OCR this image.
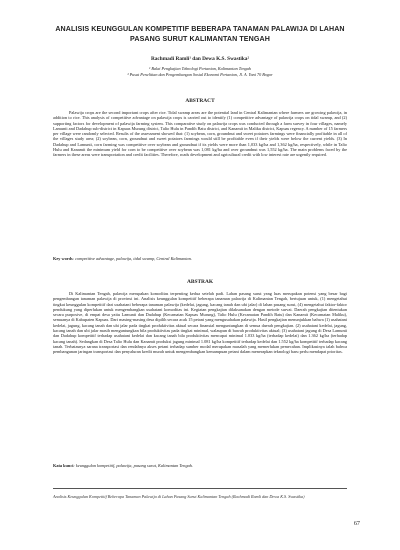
ANALISIS KEUNGGULAN KOMPETITIF BEBERAPA TANAMAN PALAWIJA DI LAHAN PASANG SURUT KALIMANTAN TENGAH
Rachmadi Ramli¹ dan Dewa K.S. Swastika²
¹ Balai Pengkajian Teknologi Pertanian, Kalimantan Tengah
² Pusat Penelitian dan Pengembangan Sosial Ekonomi Pertanian, Jl. A. Yani 70 Bogor
ABSTRACT

Palawija crops are the second important crops after rice. Tidal swamp areas are the potential land in Central Kalimantan where farmers are growing palawija, in addition to rice. This analysis of competitive advantage on palawija crops is carried out to identify (1) competitive advantage of palawija crops on tidal swamp, and (2) supporting factors for development of palawija farming system. This comparative study on palawija crops was conducted through a farm survey in four villages, namely Lamunti and Dadahup sub-district in Kapuas Murung district, Talio Hulu in Pandih Batu district, and Kanamit in Maliku district, Kapuas regency. A number of 15 farmers per village were randomly selected. Results of the assessment showed that: (1) soybean, corn, groundnut and sweet potatoes farmings were financially profitable in all of the villages study area; (2) soybean, corn, groundnut and sweet potatoes farmings would still be profitable even if their yields were below the current yields. (3) In Dadahup and Lamunti, corn farming was competitive over soybean and groundnut if its yields were more than 1,033 kg/ha and 1,362 kg/ha, respectively, while in Talio Hulu and Kanamit the minimum yield for corn to be competitive over soybean was 1,081 kg/ha and over groundnut was 1,552 kg/ha. The main problems faced by the farmers in these areas were transportation and credit facilities. Therefore, roads development and agricultural credit with low interest rate are urgently required.

Key words: competitive advantage, palawija, tidal swamp, Central Kalimantan.
ABSTRAK

Di Kalimantan Tengah, palawija merupakan komoditas terpenting kedua setelah padi. Lahan pasang surut yang luas merupakan potensi yang besar bagi pengembangan tanaman palawija di provinsi ini. Analisis keunggulan kompetitif beberapa tanaman palawija di Kalimantan Tengah, bertujuan untuk, (1) mengetahui tingkat keunggulan kompetitif dari usahatani beberapa tanaman palawija (kedelai, jagung, kacang tanah dan ubi jalar) di lahan pasang surut, (4) mengetahui faktor-faktor pendukung yang diperlukan untuk mengembangkan usahatani komoditas ini. Kegiatan pengkajian dilaksanakan dengan metode survai. Daerah pengkajian ditentukan secara purposive, di empat desa yaitu Lamunti dan Dadahup (Kecamatan Kapuas Murung), Talio Hulu (Kecamatan Pandih Batu) dan Kanamit (Kecamatan Maliku), semuanya di Kabupaten Kapuas. Dari masing-masing desa dipilih secara acak 15 petani yang mengusahakan palawija. Hasil pengkajian menunjukkan bahwa (1) usahatani kedelai, jagung, kacang tanah dan ubi jalar pada tingkat produktivitas aktual secara finansial menguntungkan di semua daerah pengkajian. (2) usahatani kedelai, jagung, kacang tanah dan ubi jalar masih menguntungkan bila produktivitas pada tingkat minimal, walaupun di bawah produktivitas aktual; (3) usahatani jagung di Desa Lamunti dan Dadahup kompetitif terhadap usahatani kedelai dan kacang tanah bila produktivitas mencapai minimal 1.033 kg/ha (terhadap kedelai) dan 1.362 kg/ha (terhadap kacang tanah). Sedangkan di Desa Talio Hulu dan Kanamit produksi jagung minimal 1.081 kg/ha kompetitif terhadap kedelai dan 1.552 kg/ha kompetitif terhadap kacang tanah. Terbatasnya sarana transportasi dan rendahnya akses petani terhadap sumber modal merupakan masalah yang memerlukan pemecahan. Implikasinya ialah bahwa pembangunan jaringan transportasi dan penyaluran kredit murah untuk mengembangkan kemampuan petani dalam menerapkan teknologi baru perlu mendapat prioritas.

Kata kunci: keunggulan kompetitif, palawija, pasang surut, Kalimantan Tengah.
Analisis Keunggulan Kompetitif Beberapa Tanaman Palawija di Lahan Pasang Surut Kalimantan Tengah (Rachmadi Ramli dan Dewa K.S. Swastika)
67
